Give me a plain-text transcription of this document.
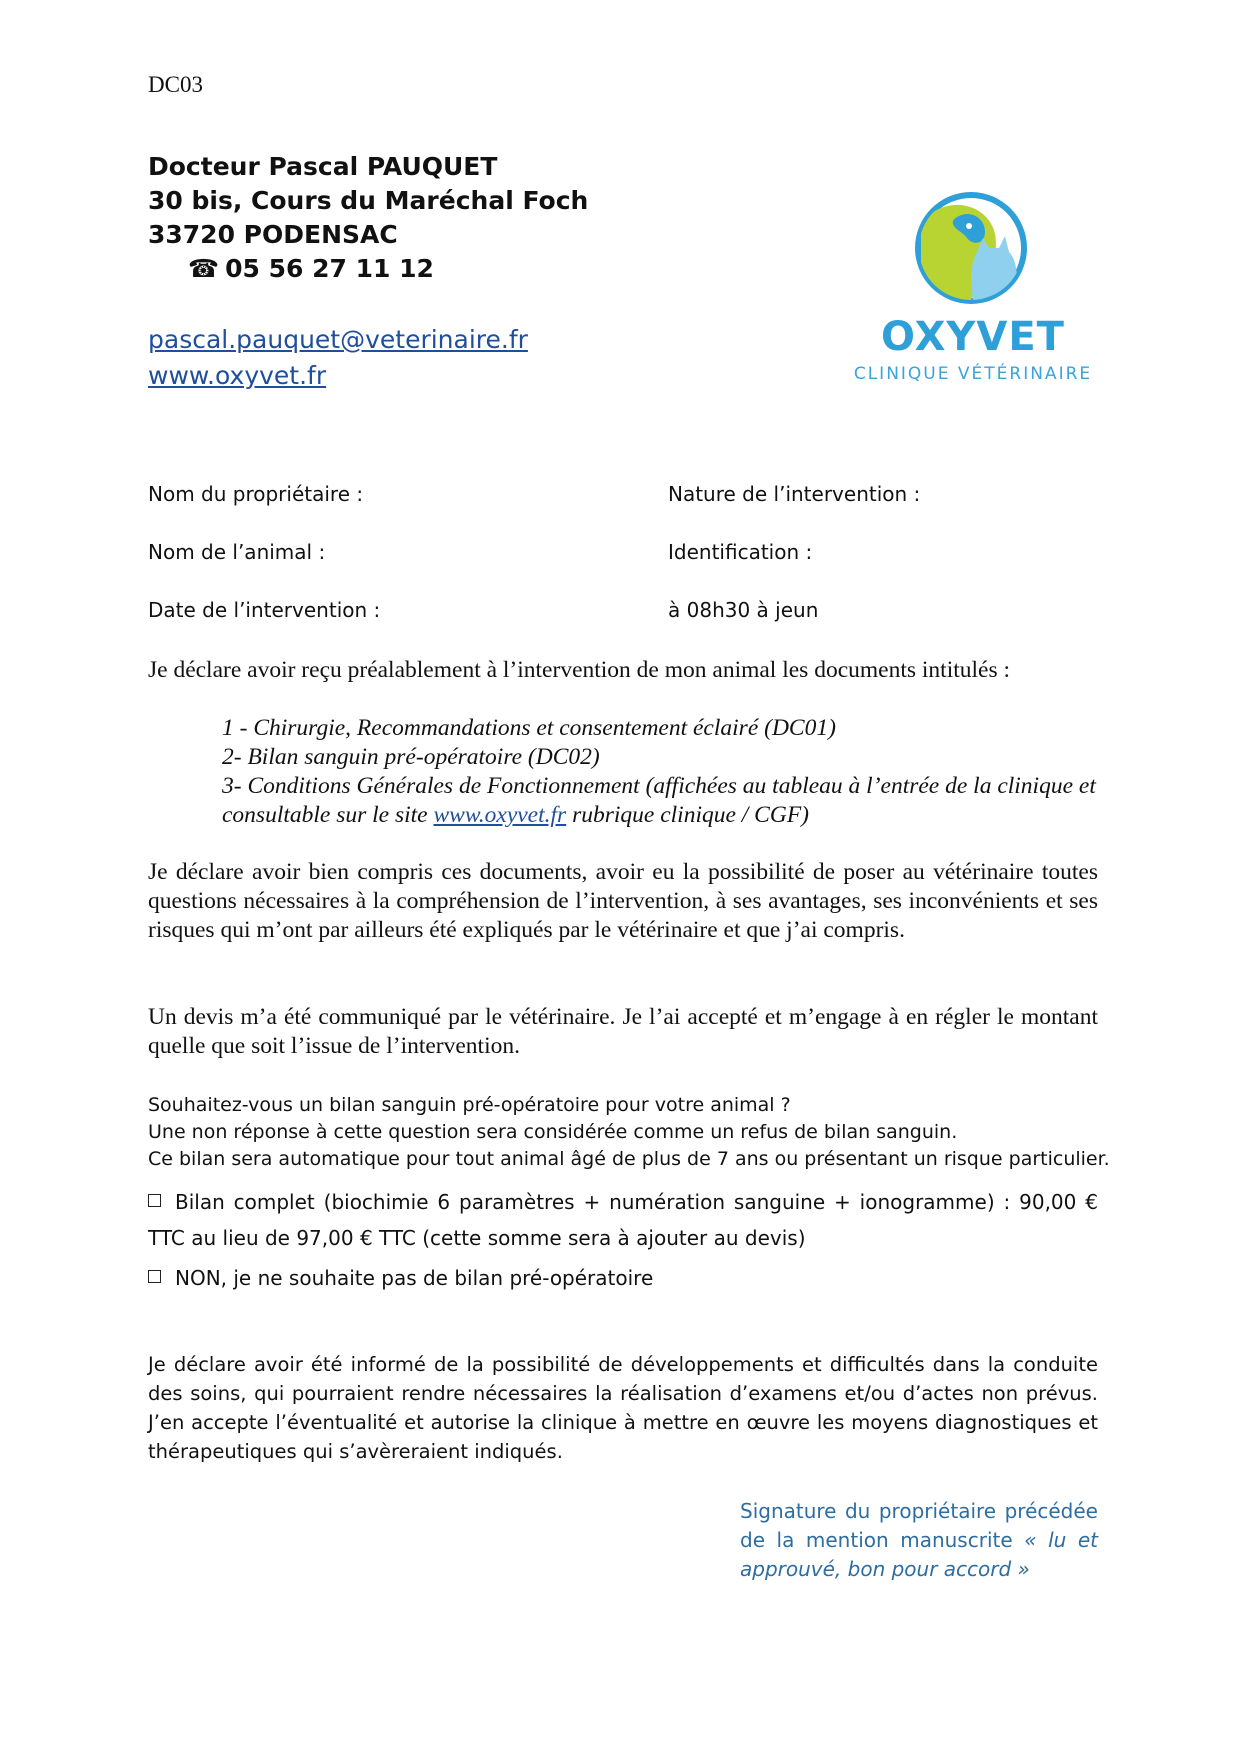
DC03
Docteur Pascal PAUQUET
30 bis, Cours du Maréchal Foch
33720 PODENSAC
☎ 05 56 27 11 12
pascal.pauquet@veterinaire.fr
www.oxyvet.fr
OXYVET
CLINIQUE VÉTÉRINAIRE
Nom du propriétaire :	Nature de l’intervention :
Nom de l’animal :	Identification :
Date de l’intervention :	à 08h30 à jeun
Je déclare avoir reçu préalablement à l’intervention de mon animal les documents intitulés :
1 - Chirurgie, Recommandations et consentement éclairé (DC01)
2- Bilan sanguin pré-opératoire (DC02)
3- Conditions Générales de Fonctionnement (affichées au tableau à l’entrée de la clinique et consultable sur le site www.oxyvet.fr rubrique clinique / CGF)
Je déclare avoir bien compris ces documents, avoir eu la possibilité de poser au vétérinaire toutes questions nécessaires à la compréhension de l’intervention, à ses avantages, ses inconvénients et ses risques qui m’ont par ailleurs été expliqués par le vétérinaire et que j’ai compris.
Un devis m’a été communiqué par le vétérinaire. Je l’ai accepté et m’engage à en régler le montant quelle que soit l’issue de l’intervention.
Souhaitez-vous un bilan sanguin pré-opératoire pour votre animal ?
Une non réponse à cette question sera considérée comme un refus de bilan sanguin.
Ce bilan sera automatique pour tout animal âgé de plus de 7 ans ou présentant un risque particulier.
Bilan complet (biochimie 6 paramètres + numération sanguine + ionogramme) : 90,00 € TTC au lieu de 97,00 € TTC (cette somme sera à ajouter au devis)
NON, je ne souhaite pas de bilan pré-opératoire
Je déclare avoir été informé de la possibilité de développements et difficultés dans la conduite des soins, qui pourraient rendre nécessaires la réalisation d’examens et/ou d’actes non prévus. J’en accepte l’éventualité et autorise la clinique à mettre en œuvre les moyens diagnostiques et thérapeutiques qui s’avèreraient indiqués.
Signature du propriétaire précédée de la mention manuscrite « lu et approuvé, bon pour accord »
